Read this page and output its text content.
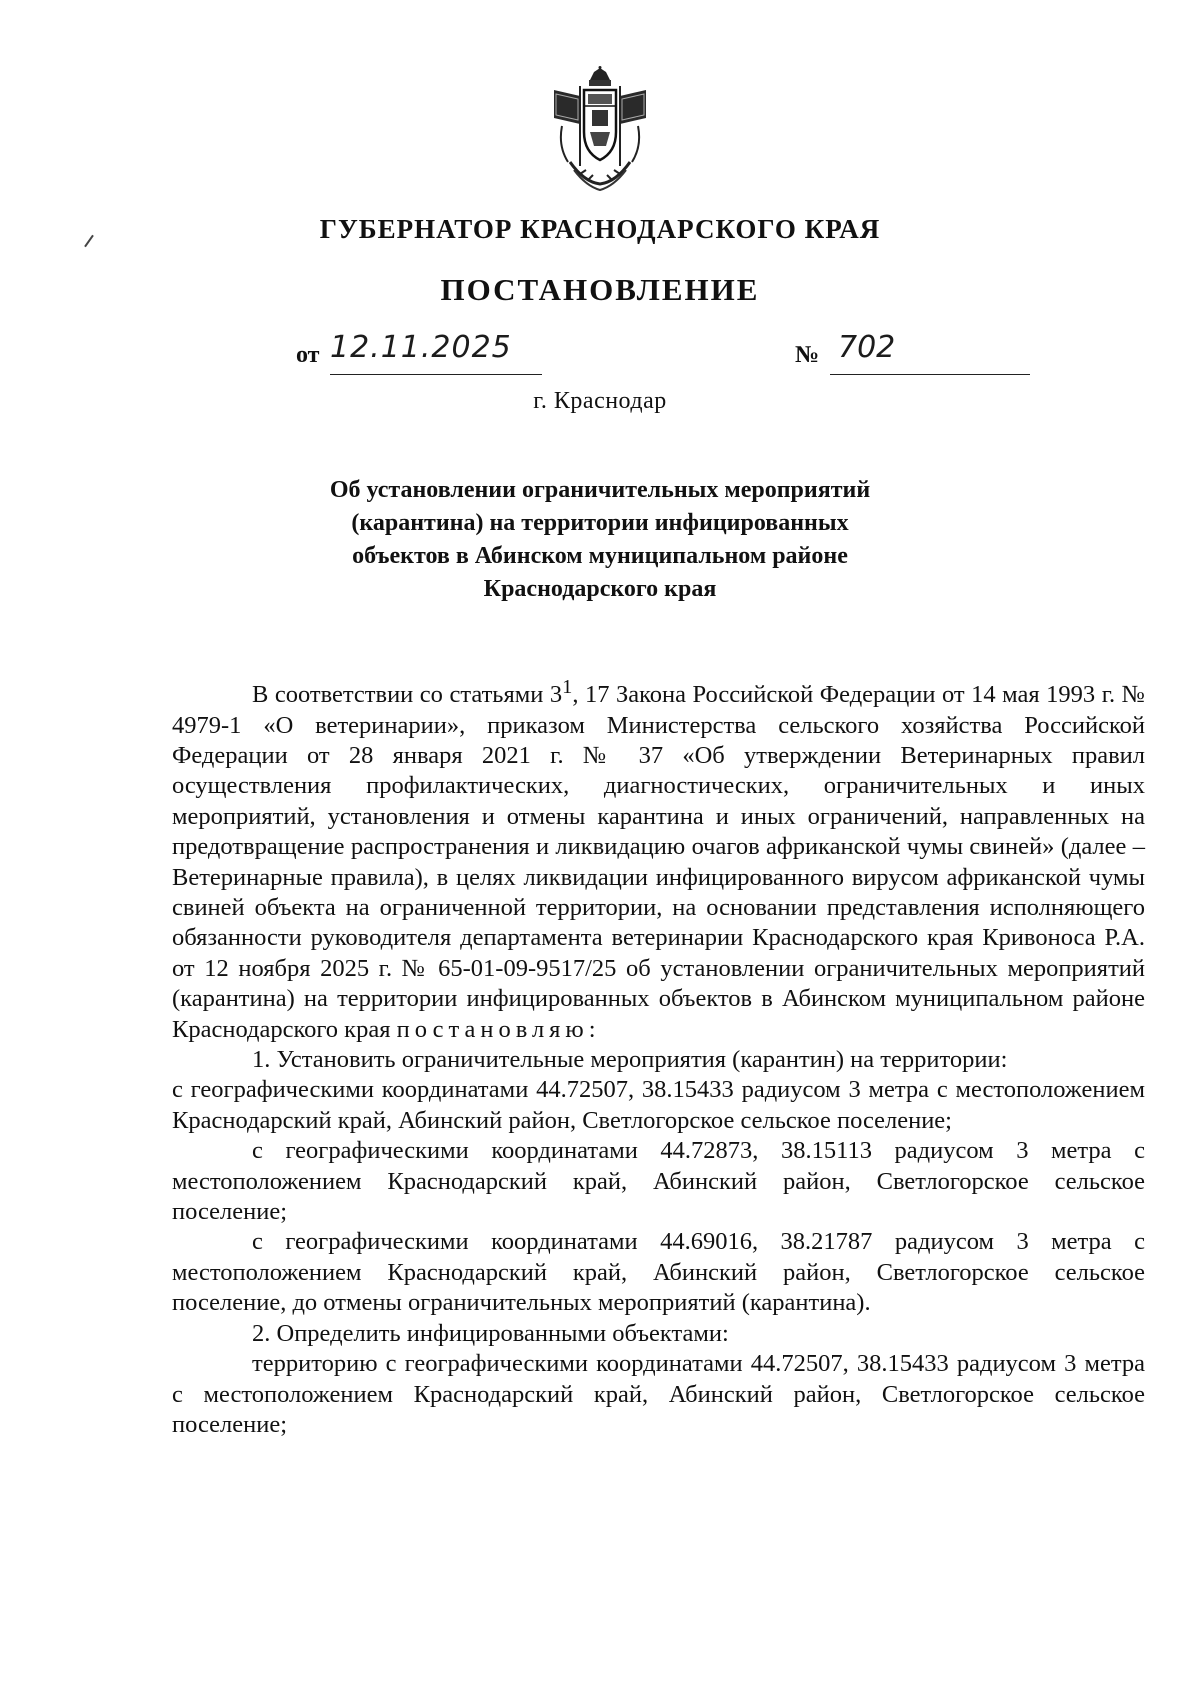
ГУБЕРНАТОР КРАСНОДАРСКОГО КРАЯ
ПОСТАНОВЛЕНИЕ
от 12.11.2025	№ 702
г. Краснодар
Об установлении ограничительных мероприятий
(карантина) на территории инфицированных
объектов в Абинском муниципальном районе
Краснодарского края

В соответствии со статьями $3^1$, 17 Закона Российской Федерации от 14 мая 1993 г. № 4979-1 «О ветеринарии», приказом Министерства сельского хозяйства Российской Федерации от 28 января 2021 г. № 37 «Об утверждении Ветеринарных правил осуществления профилактических, диагностических, ограничительных и иных мероприятий, установления и отмены карантина и иных ограничений, направленных на предотвращение распространения и ликвидацию очагов африканской чумы свиней» (далее – Ветеринарные правила), в целях ликвидации инфицированного вирусом африканской чумы свиней объекта на ограниченной территории, на основании представления исполняющего обязанности руководителя департамента ветеринарии Краснодарского края Кривоноса Р.А. от 12 ноября 2025 г. № 65-01-09-9517/25 об установлении ограничительных мероприятий (карантина) на территории инфицированных объектов в Абинском муниципальном районе Краснодарского края постановляю:

1. Установить ограничительные мероприятия (карантин) на территории:

с географическими координатами 44.72507, 38.15433 радиусом 3 метра с местоположением Краснодарский край, Абинский район, Светлогорское сельское поселение;

с географическими координатами 44.72873, 38.15113 радиусом 3 метра с местоположением Краснодарский край, Абинский район, Светлогорское сельское поселение;

с географическими координатами 44.69016, 38.21787 радиусом 3 метра с местоположением Краснодарский край, Абинский район, Светлогорское сельское поселение, до отмены ограничительных мероприятий (карантина).

2. Определить инфицированными объектами:

территорию с географическими координатами 44.72507, 38.15433 радиусом 3 метра с местоположением Краснодарский край, Абинский район, Светлогорское сельское поселение;
